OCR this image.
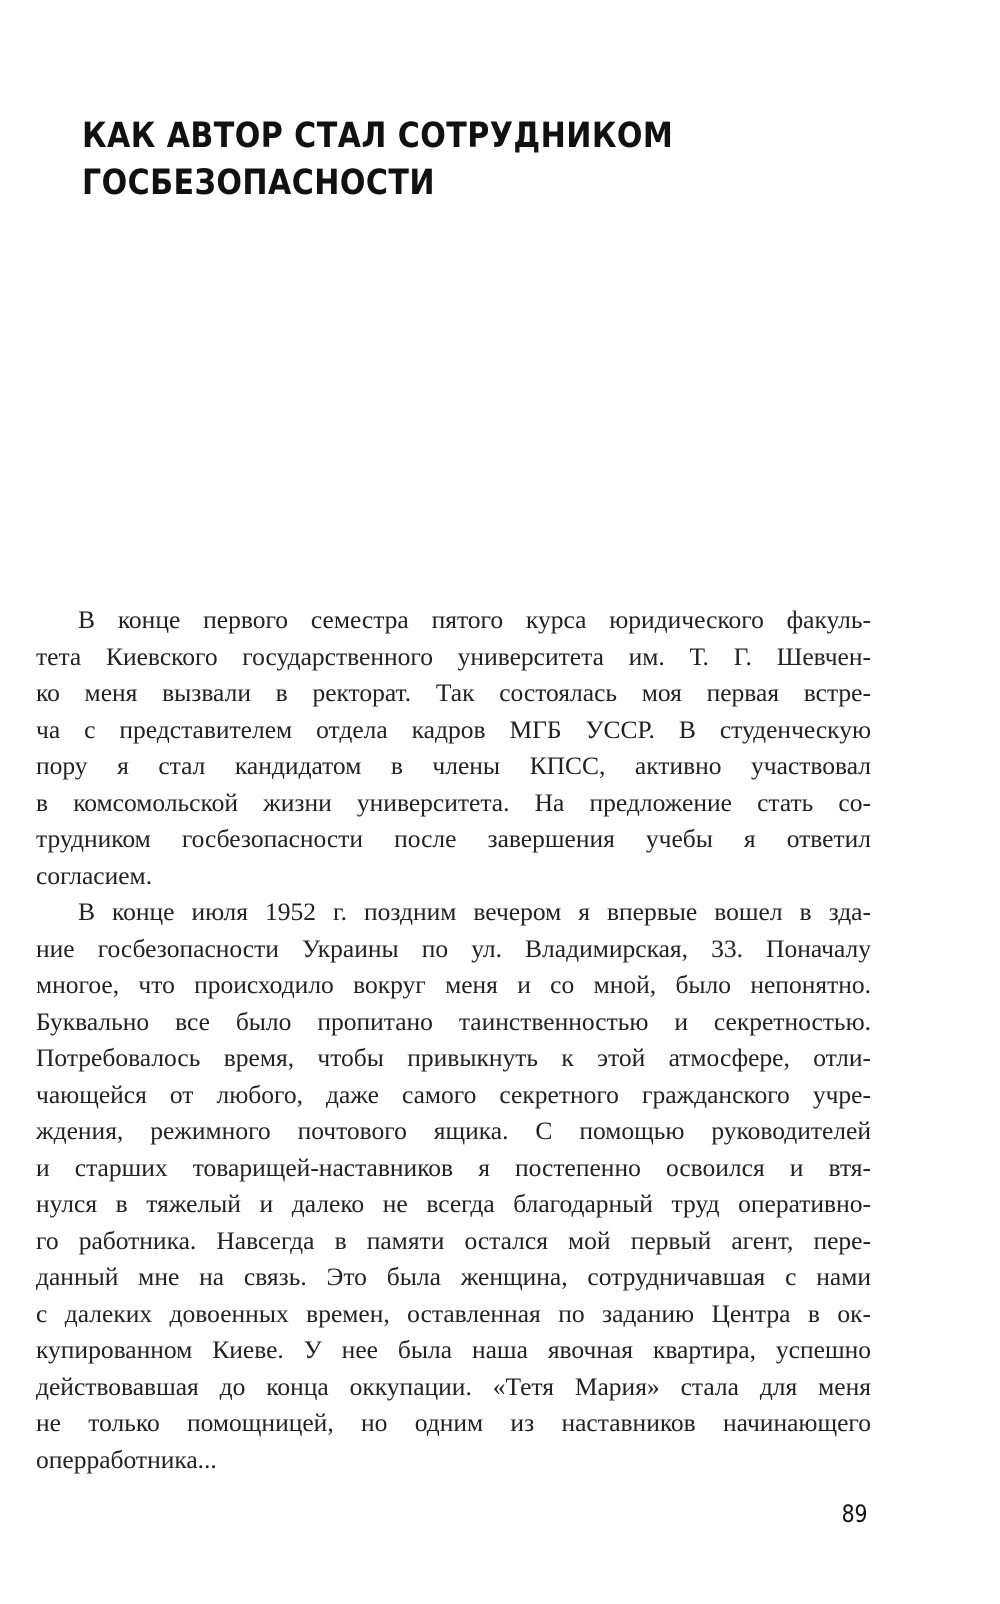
КАК АВТОР СТАЛ СОТРУДНИКОМ
ГОСБЕЗОПАСНОСТИ

В конце первого семестра пятого курса юридического факуль-
тета Киевского государственного университета им. Т. Г. Шевчен-
ко меня вызвали в ректорат. Так состоялась моя первая встре-
ча с представителем отдела кадров МГБ УССР. В студенческую
пору я стал кандидатом в члены КПСС, активно участвовал
в комсомольской жизни университета. На предложение стать со-
трудником госбезопасности после завершения учебы я ответил
согласием.

В конце июля 1952 г. поздним вечером я впервые вошел в зда-
ние госбезопасности Украины по ул. Владимирская, 33. Поначалу
многое, что происходило вокруг меня и со мной, было непонятно.
Буквально все было пропитано таинственностью и секретностью.
Потребовалось время, чтобы привыкнуть к этой атмосфере, отли-
чающейся от любого, даже самого секретного гражданского учре-
ждения, режимного почтового ящика. С помощью руководителей
и старших товарищей-наставников я постепенно освоился и втя-
нулся в тяжелый и далеко не всегда благодарный труд оперативно-
го работника. Навсегда в памяти остался мой первый агент, пере-
данный мне на связь. Это была женщина, сотрудничавшая с нами
с далеких довоенных времен, оставленная по заданию Центра в ок-
купированном Киеве. У нее была наша явочная квартира, успешно
действовавшая до конца оккупации. «Тетя Мария» стала для меня
не только помощницей, но одним из наставников начинающего
оперработника...

89
